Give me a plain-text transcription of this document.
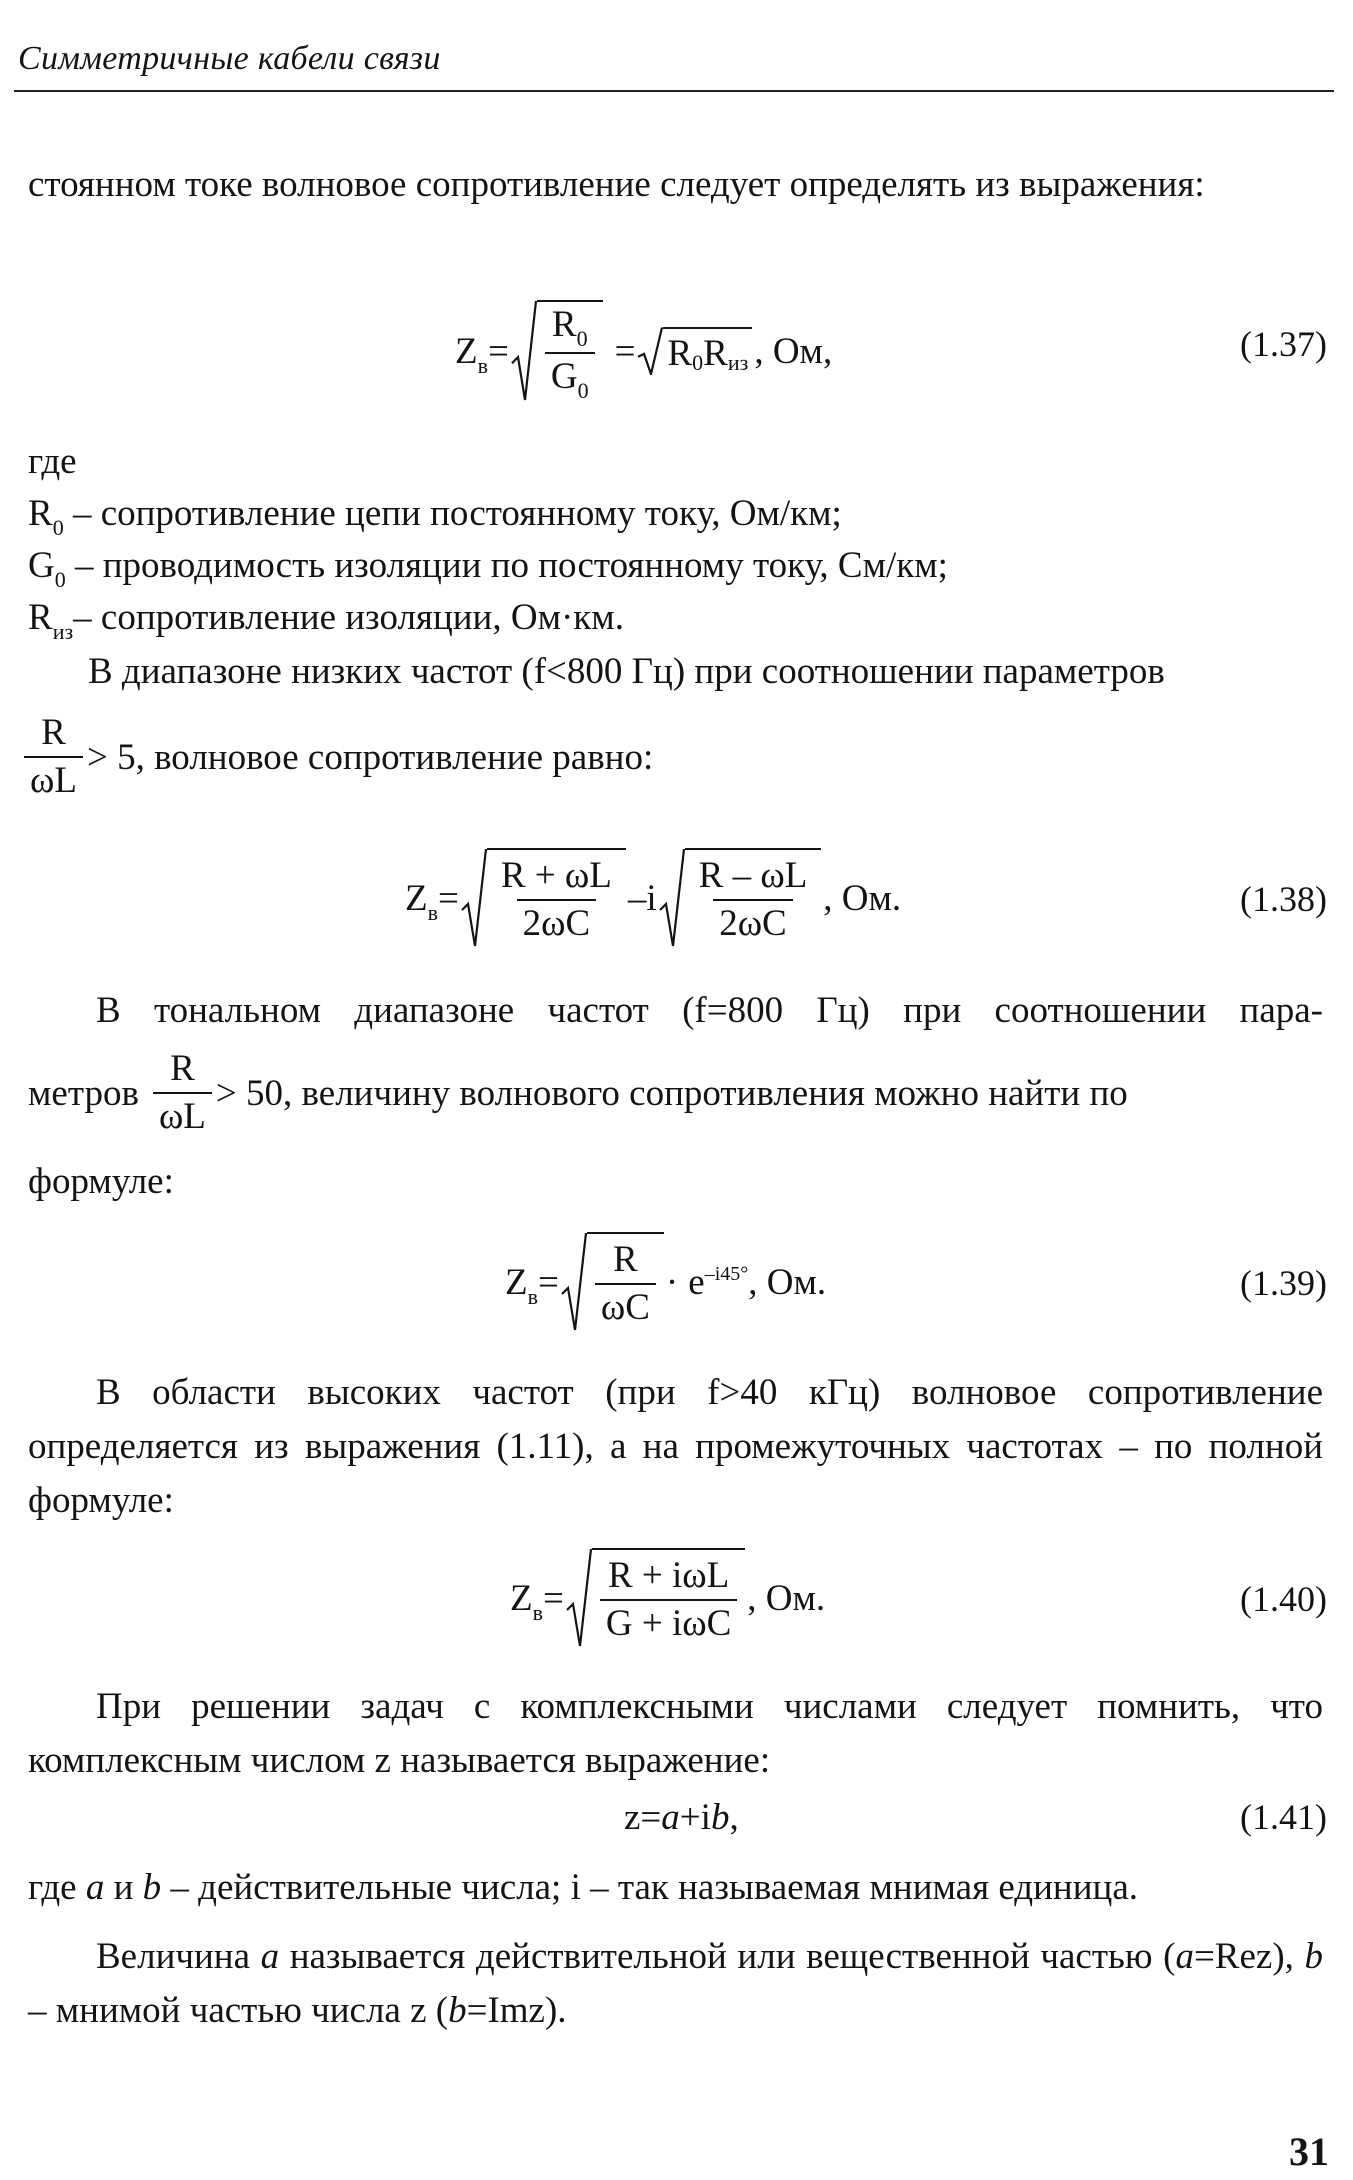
Симметричные кабели связи
стоянном токе волновое сопротивление следует определять из выражения:
$Z_в= \frac{R_0}{G_0} = R$ 0 R из , Ом,	(1.37)
где
$R_0$ – сопротивление цепи постоянному току, Ом/км;
$G_0$ – проводимость изоляции по постоянному току, См/км;
$R_{из}-$ сопротивление изоляции, Ом·км.
В диапазоне низких частот (f<800 Гц) при соотношении параметров
$\frac{R}{\omega L} > 5$ , волновое сопротивление равно:
$Z_в= \frac{R + \omega L}{2\omega C} -i \frac{R - \omega L}{2\omega C}$ , Ом.	(1.38)
В тональном диапазоне частот (f=800 Гц) при соотношении пара-
метров $\frac{R}{\omega L} > 50$ , величину волнового сопротивления можно найти по
формуле:
$Z_в= \frac{R}{\omega C} \cdot e^{-i45^\circ}$ , Ом.	(1.39)
В области высоких частот (при f>40 кГц) волновое сопротивление определяется из выражения (1.11), а на промежуточных частотах – по полной формуле:
$Z_в= \frac{\text{R + iωL}}{\text{G + iωC}}$ , Ом.	(1.40)
При решении задач с комплексными числами следует помнить, что комплексным числом z называется выражение:
z=a+ib,	(1.41)
где a и b – действительные числа; i – так называемая мнимая единица.
Величина a называется действительной или вещественной частью (a=Rez), b – мнимой частью числа z (b=Imz).
31
